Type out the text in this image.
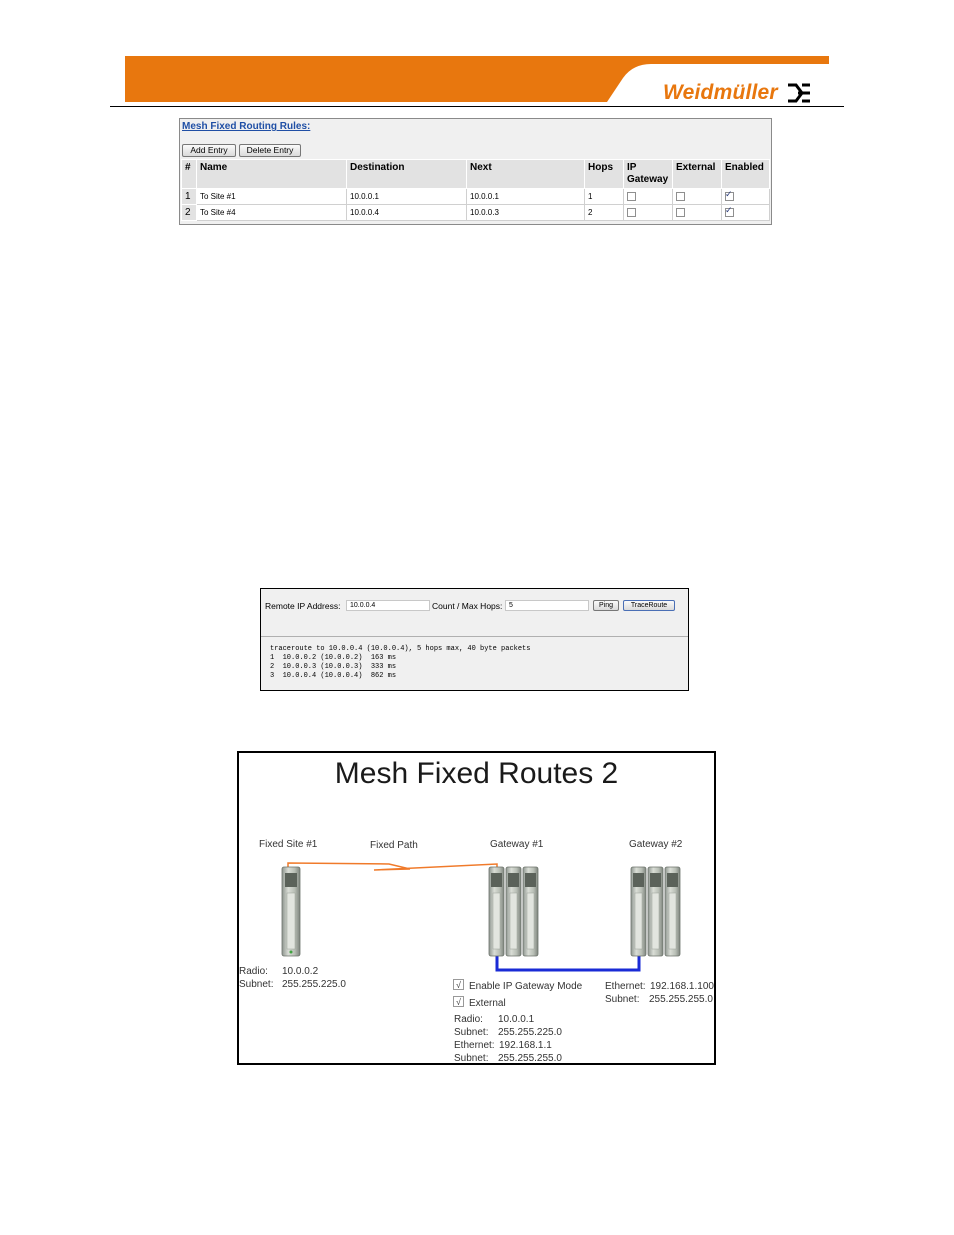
Weidmüller
Mesh Fixed Routing Rules:
Add Entry	Delete Entry
#	Name	Destination	Next	Hops	IP Gateway	External	Enabled
1	To Site #1	10.0.0.1	10.0.0.1	1			✓
2	To Site #4	10.0.0.4	10.0.0.3	2			✓
Remote IP Address:	10.0.0.4	Count / Max Hops: 5	Ping	TraceRoute
traceroute to 10.0.0.4 (10.0.0.4), 5 hops max, 40 byte packets
1  10.0.0.2 (10.0.0.2)  163 ms
2  10.0.0.3 (10.0.0.3)  333 ms
3  10.0.0.4 (10.0.0.4)  862 ms
Mesh Fixed Routes 2
Fixed Site #1	Fixed Path	Gateway #1	Gateway #2
Radio: 10.0.0.2
Subnet: 255.255.225.0	√ Enable IP Gateway Mode
√ External
Radio: 10.0.0.1
Subnet: 255.255.225.0
Ethernet: 192.168.1.1
Subnet: 255.255.255.0
Ethernet: 192.168.1.100
Subnet: 255.255.255.0
